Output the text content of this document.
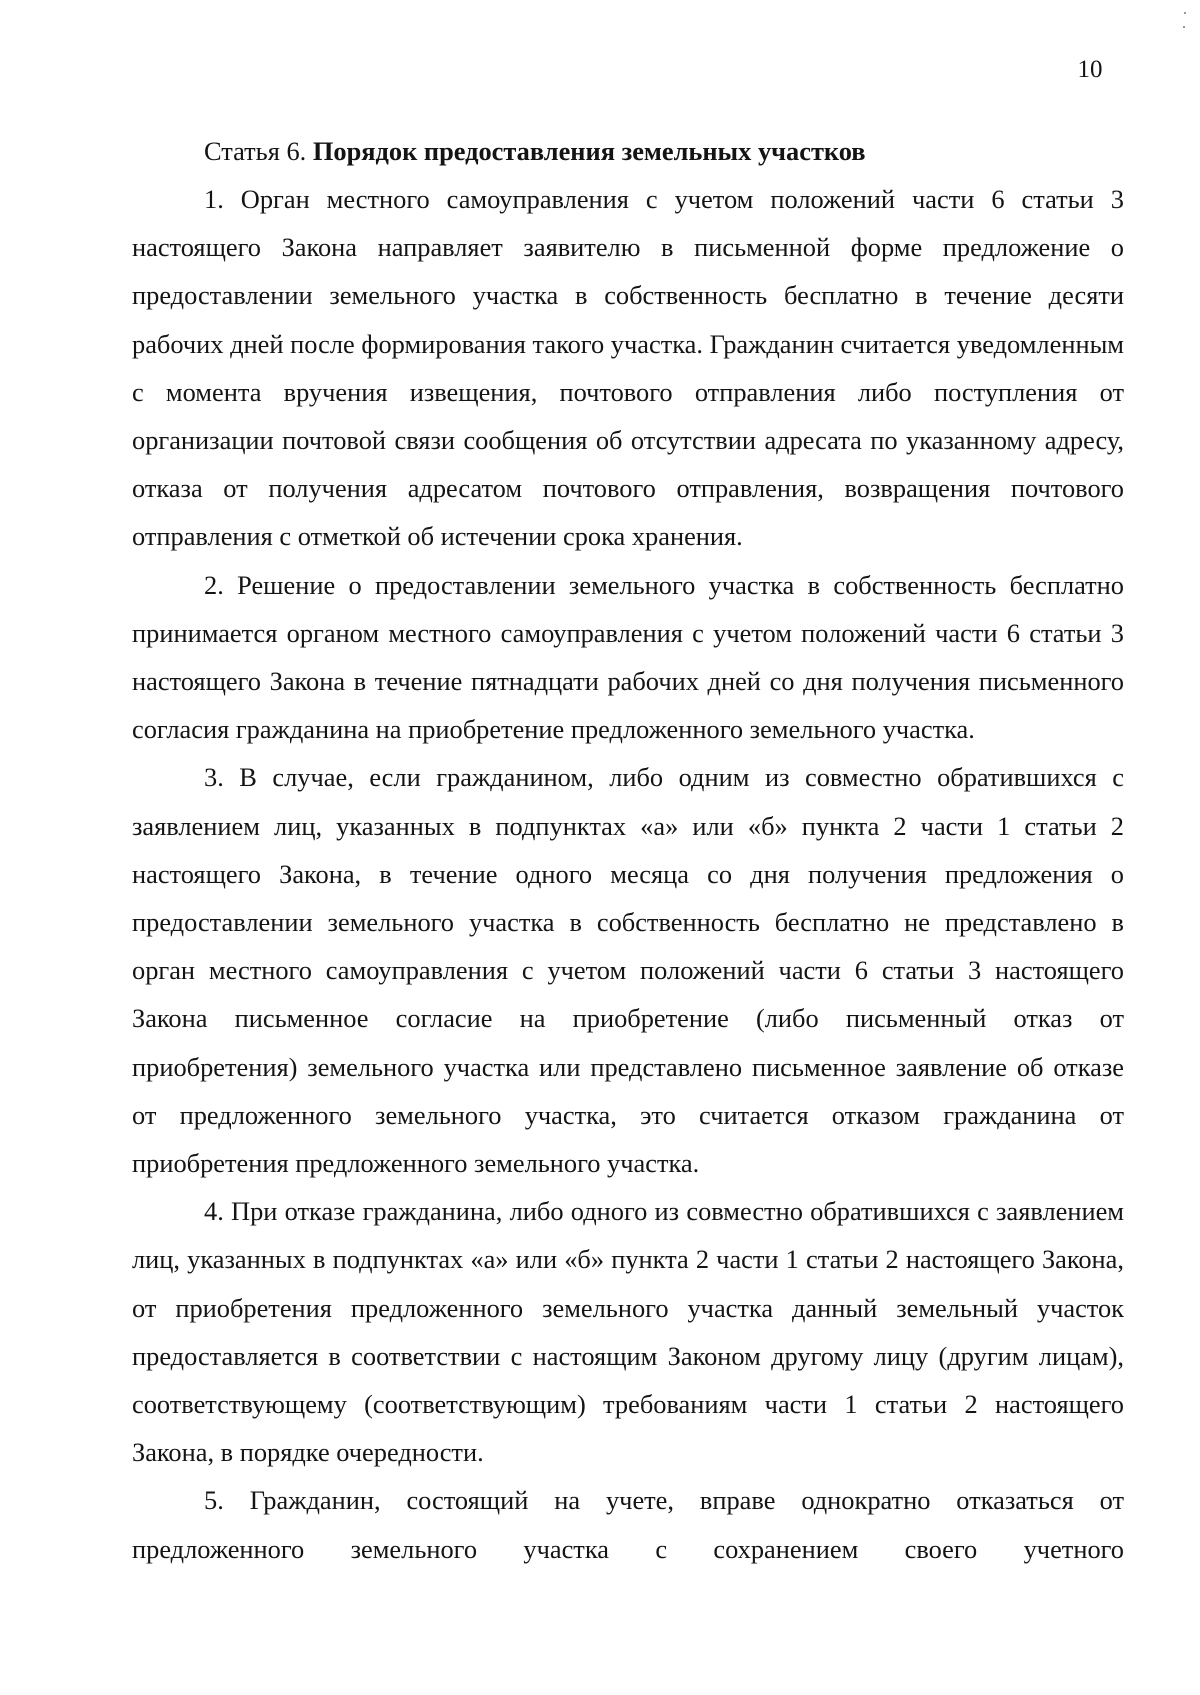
10
Статья 6. Порядок предоставления земельных участков

1. Орган местного самоуправления с учетом положений части 6 статьи 3 настоящего Закона направляет заявителю в письменной форме предложение о предоставлении земельного участка в собственность бесплатно в течение десяти рабочих дней после формирования такого участка. Гражданин считается уведомленным с момента вручения извещения, почтового отправления либо поступления от организации почтовой связи сообщения об отсутствии адресата по указанному адресу, отказа от получения адресатом почтового отправления, возвращения почтового отправления с отметкой об истечении срока хранения.

2. Решение о предоставлении земельного участка в собственность бесплатно принимается органом местного самоуправления с учетом положений части 6 статьи 3 настоящего Закона в течение пятнадцати рабочих дней со дня получения письменного согласия гражданина на приобретение предложенного земельного участка.

3. В случае, если гражданином, либо одним из совместно обратившихся с заявлением лиц, указанных в подпунктах «а» или «б» пункта 2 части 1 статьи 2 настоящего Закона, в течение одного месяца со дня получения предложения о предоставлении земельного участка в собственность бесплатно не представлено в орган местного самоуправления с учетом положений части 6 статьи 3 настоящего Закона письменное согласие на приобретение (либо письменный отказ от приобретения) земельного участка или представлено письменное заявление об отказе от предложенного земельного участка, это считается отказом гражданина от приобретения предложенного земельного участка.

4. При отказе гражданина, либо одного из совместно обратившихся с заявлением лиц, указанных в подпунктах «а» или «б» пункта 2 части 1 статьи 2 настоящего Закона, от приобретения предложенного земельного участка данный земельный участок предоставляется в соответствии с настоящим Законом другому лицу (другим лицам), соответствующему (соответствующим) требованиям части 1 статьи 2 настоящего Закона, в порядке очередности.

5. Гражданин, состоящий на учете, вправе однократно отказаться от предложенного земельного участка с сохранением своего учетного
